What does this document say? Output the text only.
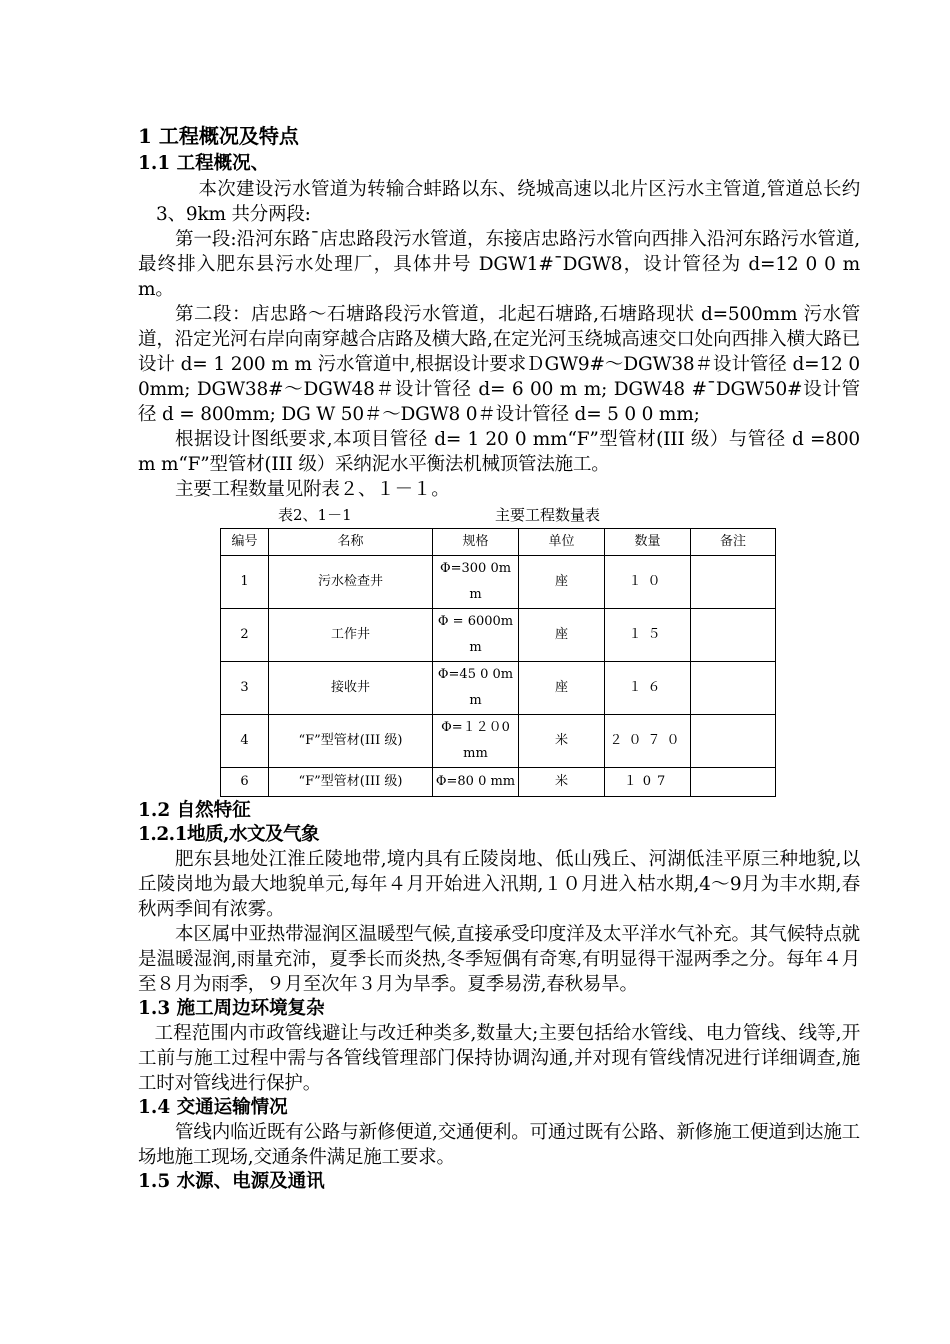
1 工程概况及特点
1.1 工程概况、

本次建设污水管道为转输合蚌路以东、绕城高速以北片区污水主管道,管道总长约 3、9km 共分两段:

第一段:沿河东路¯店忠路段污水管道，东接店忠路污水管向西排入沿河东路污水管道,最终排入肥东县污水处理厂，具体井号 DGW1#¯DGW8，设计管径为 d=12 0 0 m m。

第二段：店忠路～石塘路段污水管道，北起石塘路,石塘路现状 d=500mm 污水管道，沿定光河右岸向南穿越合店路及横大路,在定光河玉绕城高速交口处向西排入横大路已设计 d= 1 200 m m 污水管道中,根据设计要求ＤGW9#～DGW38＃设计管径 d=12 0 0mm; DGW38#～DGW48＃设计管径 d= 6 00 m m; DGW48 #¯DGW50#设计管径 d = 800mm; DG W 50＃～DGW8 0＃设计管径 d= 5 0 0 mm;

根据设计图纸要求,本项目管径 d= 1 20 0 mm“F”型管材(III 级）与管径 d =800 m m“F”型管材(III 级）采纳泥水平衡法机械顶管法施工。

主要工程数量见附表２、１－１。

表2、1－1	主要工程数量表
编号	名称	规格	单位	数量	备注
1	污水检查井	Φ=300 0mm	座	１０	
2	工作井	Φ = 6000mm	座	１５	
3	接收井	Φ=45 0 0mm	座	１６	
4	“F”型管材(III 级)	Φ=１２０0mm	米	２０７０	
6	“F”型管材(III 级)	Φ=80 0 mm	米	１07	
1.2 自然特征
1.2.1地质,水文及气象

肥东县地处江淮丘陵地带,境内具有丘陵岗地、低山残丘、河湖低洼平原三种地貌,以丘陵岗地为最大地貌单元,每年４月开始进入汛期,１０月进入枯水期,4～9月为丰水期,春秋两季间有浓雾。

本区属中亚热带湿润区温暖型气候,直接承受印度洋及太平洋水气补充。其气候特点就是温暖湿润,雨量充沛，夏季长而炎热,冬季短偶有奇寒,有明显得干湿两季之分。每年４月至８月为雨季，９月至次年３月为旱季。夏季易涝,春秋易旱。

1.3 施工周边环境复杂

工程范围内市政管线避让与改迁种类多,数量大;主要包括给水管线、电力管线、线等,开工前与施工过程中需与各管线管理部门保持协调沟通,并对现有管线情况进行详细调查,施工时对管线进行保护。

1.4 交通运输情况

管线内临近既有公路与新修便道,交通便利。可通过既有公路、新修施工便道到达施工场地施工现场,交通条件满足施工要求。

1.5 水源、电源及通讯
